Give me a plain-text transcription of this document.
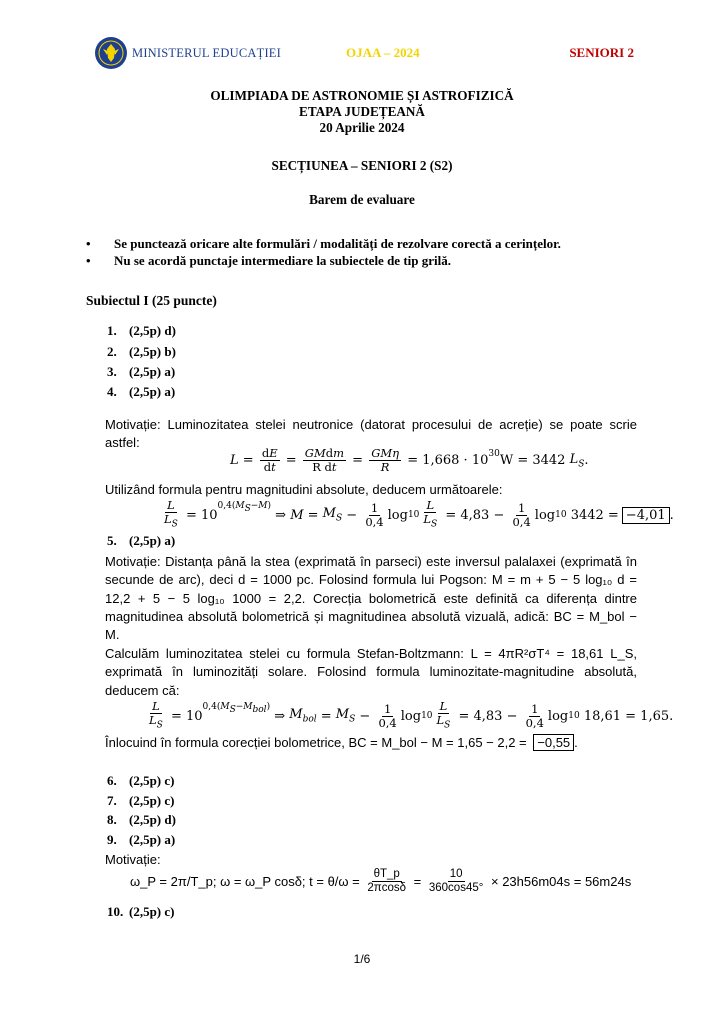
MINISTERUL EDUCAȚIEI	OJAA – 2024	SENIORI 2
OLIMPIADA DE ASTRONOMIE ȘI ASTROFIZICĂ
ETAPA JUDEȚEANĂ
20 Aprilie 2024
SECȚIUNEA – SENIORI 2 (S2)
Barem de evaluare
• Se punctează oricare alte formulări / modalități de rezolvare corectă a cerințelor.
• Nu se acordă punctaje intermediare la subiectele de tip grilă.
Subiectul I (25 puncte)
1. (2,5p) d)
2. (2,5p) b)
3. (2,5p) a)
4. (2,5p) a)
Motivație: Luminozitatea stelei neutronice (datorat procesului de acreție) se poate scrie astfel:
$L = \frac{dE}{dt} = \frac{\text{GMdm}}{\text{R dt}} = \frac{\text{GMη}}{R}$
= $1,668 \cdot 10^{30}$ W = 3442
$L_S$ .
Utilizând formula pentru magnitudini absolute, deducem următoarele:
$\frac{L}{L_S} = 10$
$^{0,4(M_S-M)}$
⇒ $M = M_S - \frac{1}{0,4}$ $\log 10 \frac{L}{L_S}$
= 4,83 −
$\frac{1}{0,4}$ log 10
3442 = −4,01 .
5. (2,5p) a)
Motivație: Distanța până la stea (exprimată în parseci) este inversul palalaxei (exprimată în secunde de arc), deci d = 1000 pc. Folosind formula lui Pogson: M = m + 5 − 5 log₁₀ d = 12,2 + 5 − 5 log₁₀ 1000 = 2,2. Corecția bolometrică este definită ca diferența dintre magnitudinea absolută bolometrică și magnitudinea absolută vizuală, adică: BC = M_bol − M.
Calculăm luminozitatea stelei cu formula Stefan-Boltzmann: L = 4πR²σT⁴ = 18,61 L_S, exprimată în luminozități solare. Folosind formula luminozitate-magnitudine absolută, deducem că:
$\frac{L}{L_S} = 10$
$^{0,4(M_S-M_{bol})}$
⇒ $M_{bol} = M_S - \frac{1}{0,4}$ $\log 10 \frac{L}{L_S}$
= 4,83 −
$\frac{1}{0,4}$ log 10
18,61 = 1,65.
Înlocuind în formula corecției bolometrice, BC = M_bol − M = 1,65 − 2,2 = −0,55 .
6. (2,5p) c)
7. (2,5p) c)
8. (2,5p) d)
9. (2,5p) a)
Motivație:
ω_P = 2π/T_p; ω = ω_P cosδ; t = θ/ω =
$\frac{\theta T\_p}{2\pi\cos\delta} = \frac{10}{360\cos 45^\circ}$
× 23h56m04s = 56m24s
10. (2,5p) c)
1/6
